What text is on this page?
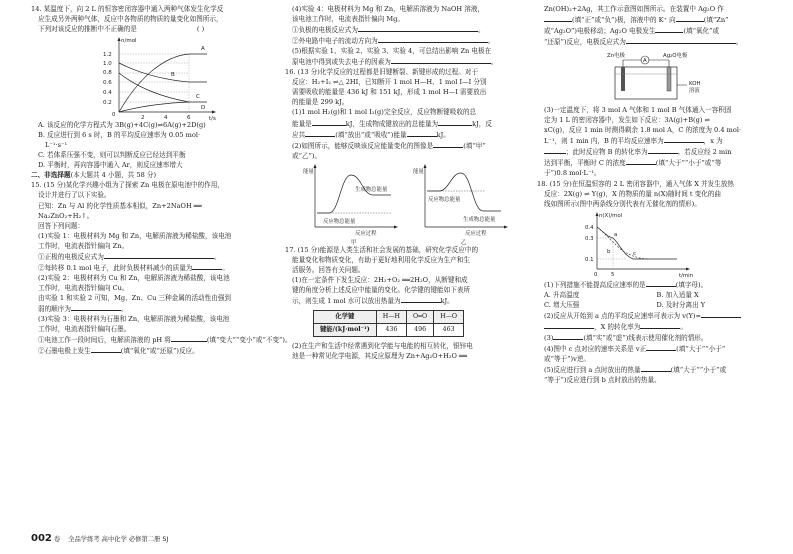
14. 某温度下，向 2 L 的恒容密闭容器中通入两种气体发生化学反
应生成另外两种气体，反应中各物质的物质的量变化如图所示，
下列对该反应的推断中不正确的是	( )
n/mol
t/s
1.2
1.0
0.8
0.6
0.4
0.2
0	2	4	6
A
B
C
D
A. 该反应的化学方程式为 3B(g)+4C(g)⇌6A(g)+2D(g)
B. 反应进行到 6 s 时，B 的平均反应速率为 0.05 mol·
L⁻¹·s⁻¹
C. 若体系压强不变，则可以判断反应已经达到平衡
D. 平衡时，再向容器中通入 Ar，则反应速率增大
二、非选择题(本大题共 4 小题，共 58 分)
15. (15 分)某化学兴趣小组为了探索 Zn 电极在原电池中的作用，
设计并进行了以下实验。
已知：Zn 与 Al 的化学性质基本相似，Zn+2NaOH ══
Na₂ZnO₂+H₂↑。
回答下列问题：
(1)实验 1：电极材料为 Mg 和 Zn，电解质溶液为稀盐酸，该电池
工作时，电流表指针偏向 Zn。
①正极的电极反应式为	。
②每转移 0.1 mol 电子，此时负极材料减少的质量为	。
(2)实验 2：电极材料为 Cu 和 Zn，电解质溶液为稀盐酸，该电池
工作时，电流表指针偏向 Cu。
由实验 1 和实验 2 可知，Mg、Zn、Cu 三种金属的活动性由强到
弱的顺序为	。
(3)实验 3：电极材料为石墨和 Zn，电解质溶液为稀盐酸，该电池
工作时，电流表指针偏向石墨。
①电池工作一段时间后，电解质溶液的 pH 将	(填“变大”“变小”或“不变”)。
②石墨电极上发生	(填“氧化”或“还原”)反应。
(4)实验 4：电极材料为 Mg 和 Zn，电解质溶液为 NaOH 溶液，
该电池工作时，电流表指针偏向 Mg。
①负极的电极反应式为	。
②外电路中电子的流动方向为	。
(5)根据实验 1、实验 2、实验 3、实验 4，可总结出影响 Zn 电极在
原电池中得到或失去电子的因素为	。
16. (13 分)化学反应的过程都是旧键断裂、新键形成的过程。对于
反应：H₂+I₂ ⇌△ 2HI，已知断开 1 mol H—H、1 mol I—I 分别
需要吸收的能量是 436 kJ 和 151 kJ，形成 1 mol H—I 需要放出
的能量是 299 kJ。
(1)1 mol H₂(g)和 1 mol I₂(g)完全反应，反应物断键吸收的总
能量是	kJ，生成物成键放出的总能量为	kJ，反
应共	(填“放出”或“吸收”)能量	kJ。
(2)如图所示，能够反映该反应能量变化的图像是	(填“甲”
或“乙”)。
能量
生成物总能量
反应物总能量
反应过程
甲
能量
反应物总能量
生成物总能量
反应过程
乙
17. (15 分)能源是人类生活和社会发展的基础，研究化学反应中的
能量变化和物质变化，有助于更好地利用化学反应为生产和生
活服务。回答有关问题。
(1)在一定条件下发生反应：2H₂+O₂ ══2H₂O，从断键和成
键的角度分析上述反应中能量的变化。化学键的键能如下表所
示，则生成 1 mol 水可以放出热量为	kJ。
化学键	H—H	O═O	H—O
键能/(kJ·mol⁻¹)	436	496	463
(2)在生产和生活中经常遇到化学能与电能的相互转化，银锌电
池是一种常见化学电源，其反应原理为 Zn+Ag₂O+H₂O ══
Zn(OH)₂+2Ag，其工作示意图如图所示。在装置中 Ag₂O 作
(填“正”或“负”)极，溶液中的 K⁺ 向	(填“Zn”
或“Ag₂O”)电极移动；Ag₂O 电极发生	(填“氧化”或
“还原”)反应，电极反应式为	。
Zn电极	Ag₂O电极
A
KOH
溶液
(3)一定温度下，将 3 mol A 气体和 1 mol B 气体通入一容积固
定为 1 L 的密闭容器中，发生如下反应：3A(g)+B(g) ⇌
xC(g)，反应 1 min 时测得剩余 1.8 mol A，C 的浓度为 0.4 mol·
L⁻¹，则 1 min 内，B 的平均反应速率为	，x 为
；此时反应物 B 的转化率为	。若反应经 2 min
达到平衡，平衡时 C 的浓度	(填“大于”“小于”或“等
于”)0.8 mol·L⁻¹。
18. (15 分)在恒温恒容的 2 L 密闭容器中，通入气体 X 并发生放热
反应：2X(g) ⇌ Y(g)，X 的物质的量 n(X)随时间 t 变化的曲
线如图所示(图中两条线分别代表有无催化剂的情形)。
n(X)/mol
t/min
0.4
0.3
0.1
0	5
a
b	c
(1)下列措施不能提高反应速率的是	(填字母)。
A. 升高温度	B. 加入适量 X
C. 增大压强	D. 及时分离出 Y
(2)反应从开始到 a 点的平均反应速率可表示为 v(Y)=
，X 的转化率为	。
(3)	(填“实”或“虚”)线表示使用催化剂的情形。
(4)图中 c 点对应的速率关系是 v正	(填“大于”“小于”
或“等于”)v逆。
(5)反应进行到 a 点时放出的热量	(填“大于”“小于”或
“等于”)反应进行到 b 点时放出的热量。
002 卷 全品学练考 高中化学 必修第二册 SJ
